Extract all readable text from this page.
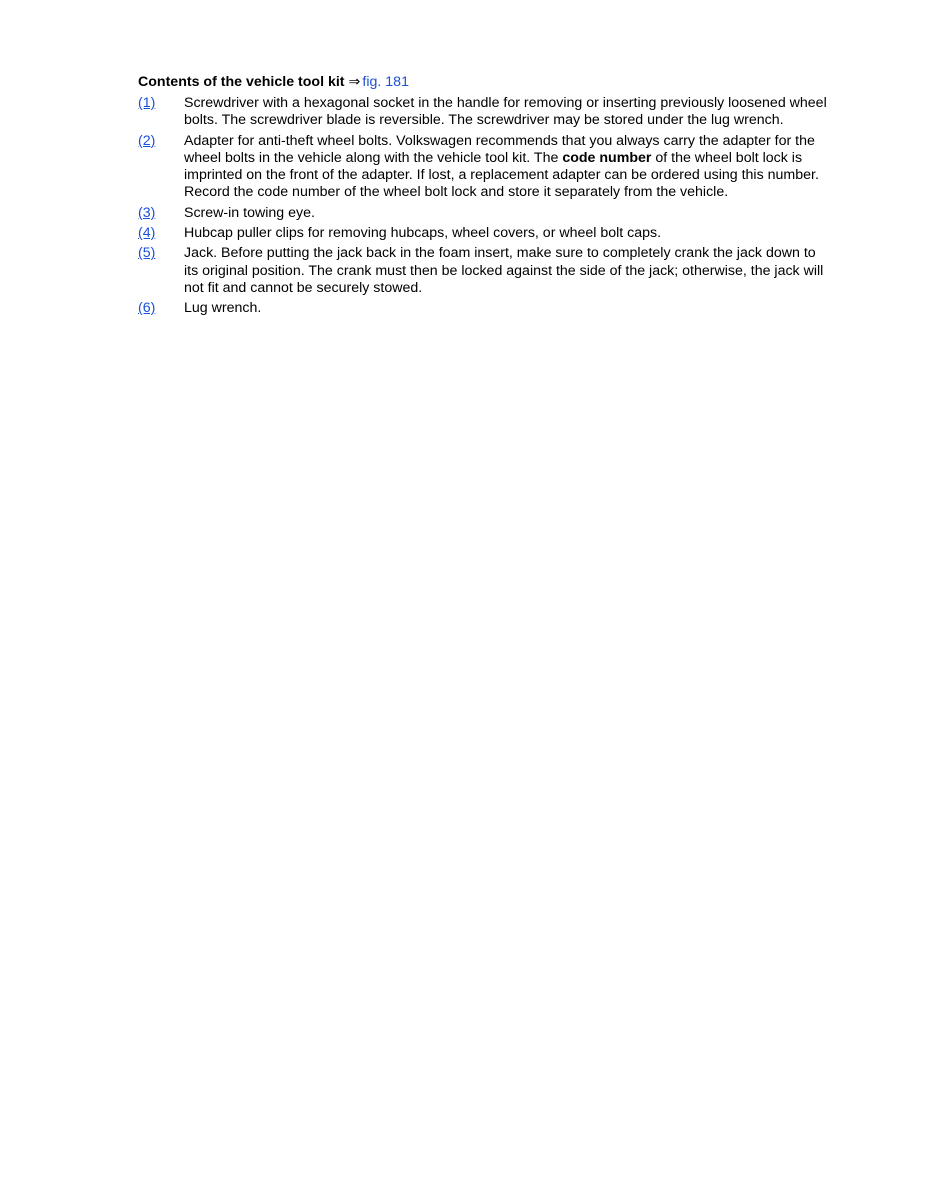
Contents of the vehicle tool kit ⇒ fig. 181
(1)	Screwdriver with a hexagonal socket in the handle for removing or inserting previously loosened wheel bolts. The screwdriver blade is reversible. The screwdriver may be stored under the lug wrench.
(2)	Adapter for anti-theft wheel bolts. Volkswagen recommends that you always carry the adapter for the wheel bolts in the vehicle along with the vehicle tool kit. The code number of the wheel bolt lock is imprinted on the front of the adapter. If lost, a replacement adapter can be ordered using this number. Record the code number of the wheel bolt lock and store it separately from the vehicle.
(3)	Screw-in towing eye.
(4)	Hubcap puller clips for removing hubcaps, wheel covers, or wheel bolt caps.
(5)	Jack. Before putting the jack back in the foam insert, make sure to completely crank the jack down to its original position. The crank must then be locked against the side of the jack; otherwise, the jack will not fit and cannot be securely stowed.
(6)	Lug wrench.
